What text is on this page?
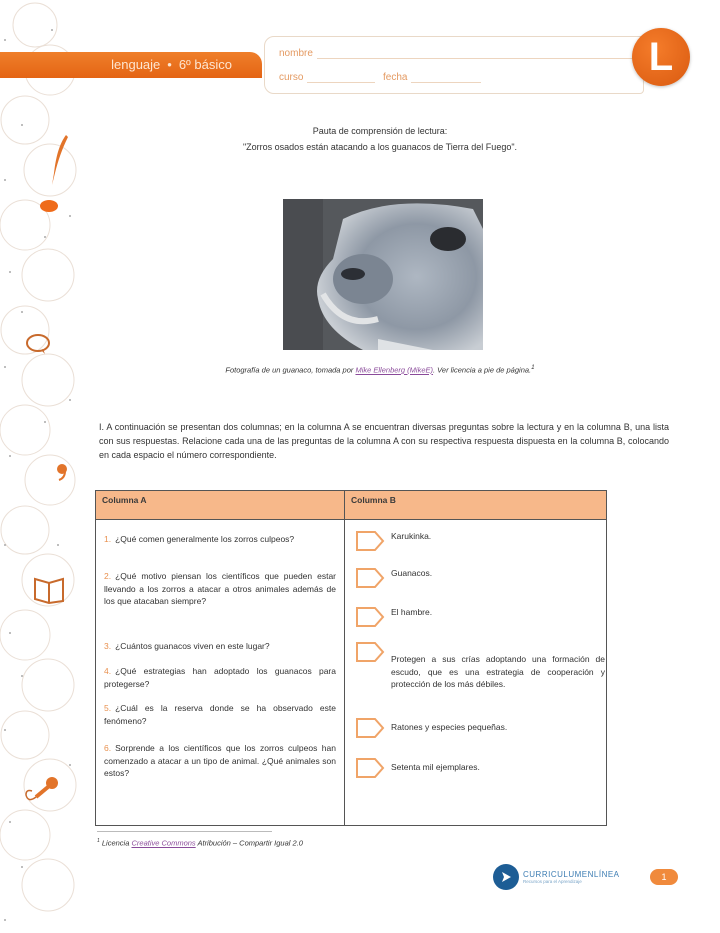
lenguaje • 6º básico
nombre
curso	fecha	L
Pauta de comprensión de lectura:
"Zorros osados están atacando a los guanacos de Tierra del Fuego".
Fotografía de un guanaco, tomada por Mike Ellenberg (MikeE). Ver licencia a pie de página.$^1$
I. A continuación se presentan dos columnas; en la columna A se encuentran diversas preguntas sobre la lectura y en la columna B, una lista con sus respuestas. Relacione cada una de las preguntas de la columna A con su respectiva respuesta dispuesta en la columna B, colocando en cada espacio el número correspondiente.
Columna A	Columna B

1. ¿Qué comen generalmente los zorros culpeos?
2. ¿Qué motivo piensan los científicos que pueden estar llevando a los zorros a atacar a otros animales además de los que atacaban siempre?
3. ¿Cuántos guanacos viven en este lugar?
4. ¿Qué estrategias han adoptado los guanacos para protegerse?
5. ¿Cuál es la reserva donde se ha observado este fenómeno?
6. Sorprende a los científicos que los zorros culpeos han comenzado a atacar a un tipo de animal. ¿Qué animales son estos?

Karukinka.
Guanacos.
El hambre.
Protegen a sus crías adoptando una formación de escudo, que es una estrategia de cooperación y protección de los más débiles.
Ratones y especies pequeñas.
Setenta mil ejemplares.
$^1$ Licencia Creative Commons Atribución – Compartir Igual 2.0
CURRICULUMENLÍNEA
Recursos para el Aprendizaje	1
